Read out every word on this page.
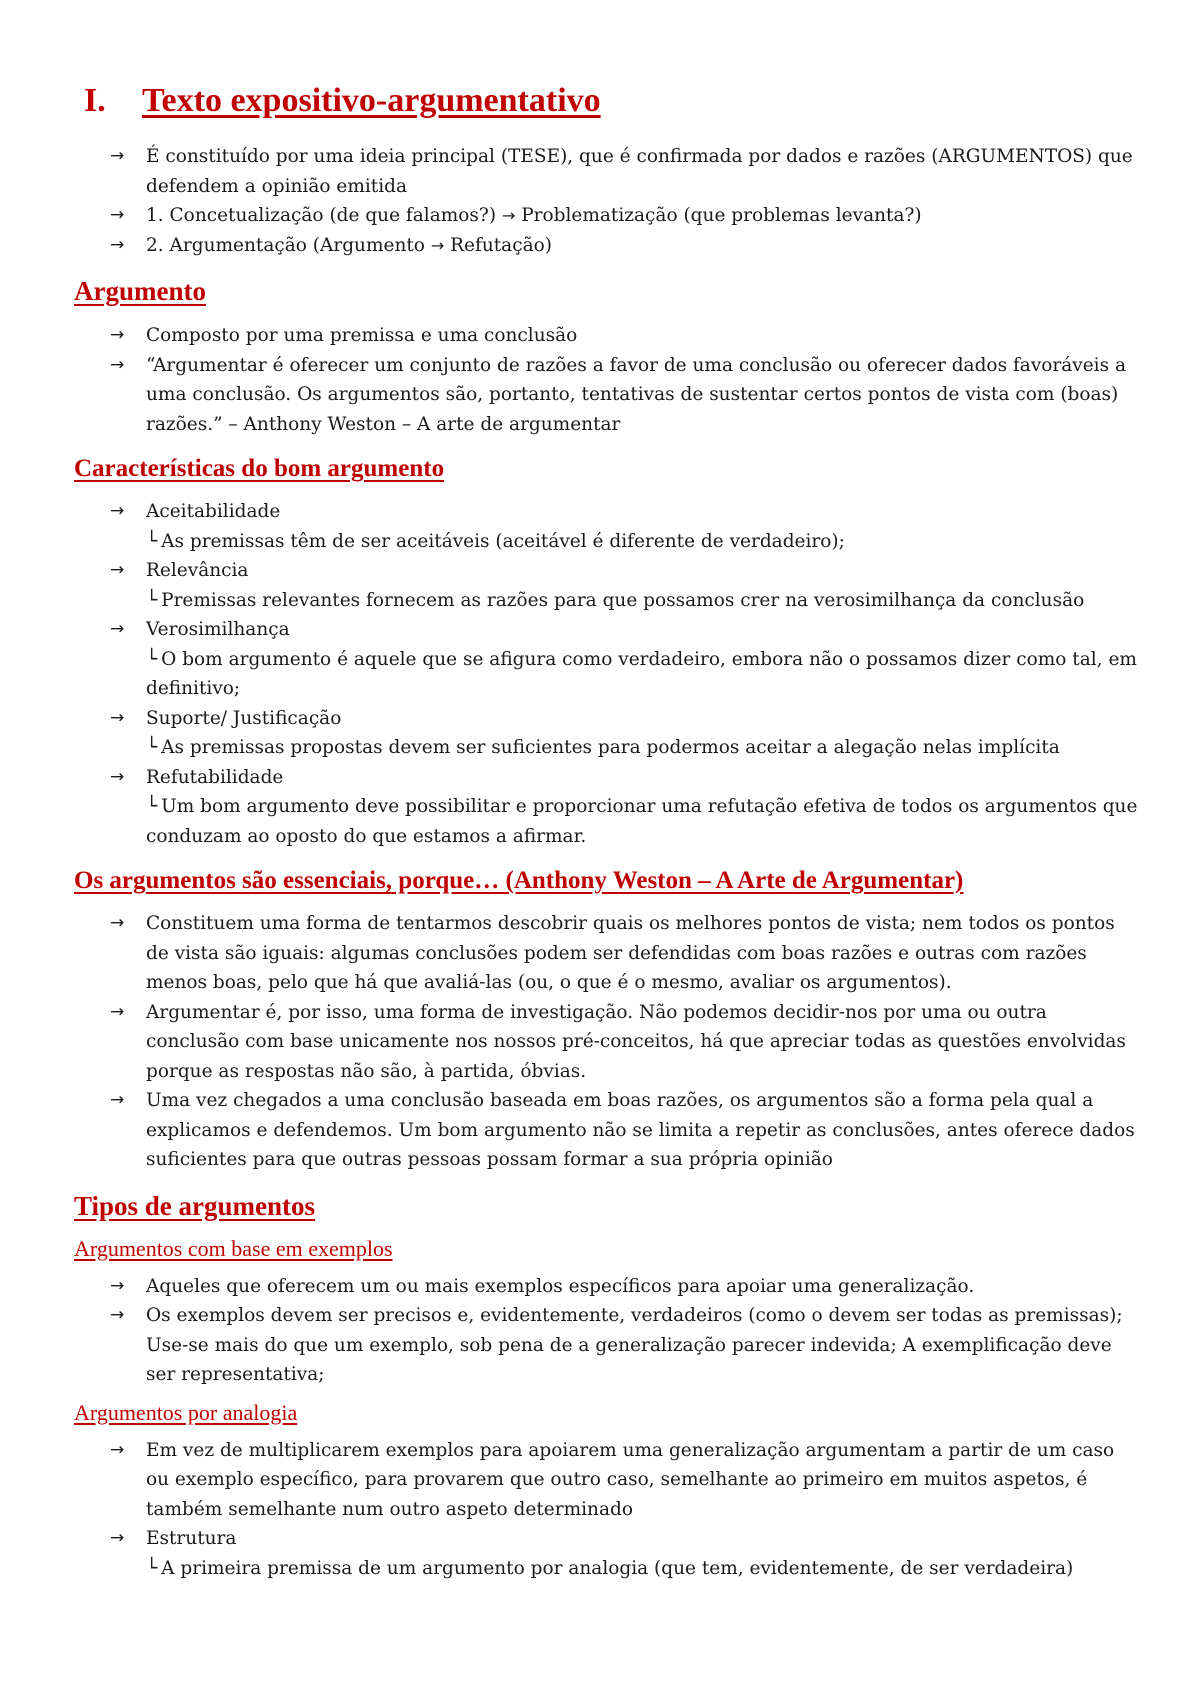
I.	Texto expositivo-argumentativo
→ É constituído por uma ideia principal (TESE), que é confirmada por dados e razões (ARGUMENTOS) que defendem a opinião emitida
→ 1. Concetualização (de que falamos?) → Problematização (que problemas levanta?)
→ 2. Argumentação (Argumento → Refutação)
Argumento
→ Composto por uma premissa e uma conclusão
→ “Argumentar é oferecer um conjunto de razões a favor de uma conclusão ou oferecer dados favoráveis a uma conclusão. Os argumentos são, portanto, tentativas de sustentar certos pontos de vista com (boas) razões.” – Anthony Weston – A arte de argumentar
Características do bom argumento
→ Aceitabilidade
└ As premissas têm de ser aceitáveis (aceitável é diferente de verdadeiro);
→ Relevância
└ Premissas relevantes fornecem as razões para que possamos crer na verosimilhança da conclusão
→ Verosimilhança
└ O bom argumento é aquele que se afigura como verdadeiro, embora não o possamos dizer como tal, em definitivo;
→ Suporte/ Justificação
└ As premissas propostas devem ser suficientes para podermos aceitar a alegação nelas implícita
→ Refutabilidade
└ Um bom argumento deve possibilitar e proporcionar uma refutação efetiva de todos os argumentos que conduzam ao oposto do que estamos a afirmar.
Os argumentos são essenciais, porque… (Anthony Weston – A Arte de Argumentar)
→ Constituem uma forma de tentarmos descobrir quais os melhores pontos de vista; nem todos os pontos de vista são iguais: algumas conclusões podem ser defendidas com boas razões e outras com razões menos boas, pelo que há que avaliá-las (ou, o que é o mesmo, avaliar os argumentos).
→ Argumentar é, por isso, uma forma de investigação. Não podemos decidir-nos por uma ou outra conclusão com base unicamente nos nossos pré-conceitos, há que apreciar todas as questões envolvidas porque as respostas não são, à partida, óbvias.
→ Uma vez chegados a uma conclusão baseada em boas razões, os argumentos são a forma pela qual a explicamos e defendemos. Um bom argumento não se limita a repetir as conclusões, antes oferece dados suficientes para que outras pessoas possam formar a sua própria opinião
Tipos de argumentos
Argumentos com base em exemplos
→ Aqueles que oferecem um ou mais exemplos específicos para apoiar uma generalização.
→ Os exemplos devem ser precisos e, evidentemente, verdadeiros (como o devem ser todas as premissas); Use-se mais do que um exemplo, sob pena de a generalização parecer indevida; A exemplificação deve ser representativa;
Argumentos por analogia
→ Em vez de multiplicarem exemplos para apoiarem uma generalização argumentam a partir de um caso ou exemplo específico, para provarem que outro caso, semelhante ao primeiro em muitos aspetos, é também semelhante num outro aspeto determinado
→ Estrutura
└ A primeira premissa de um argumento por analogia (que tem, evidentemente, de ser verdadeira)
